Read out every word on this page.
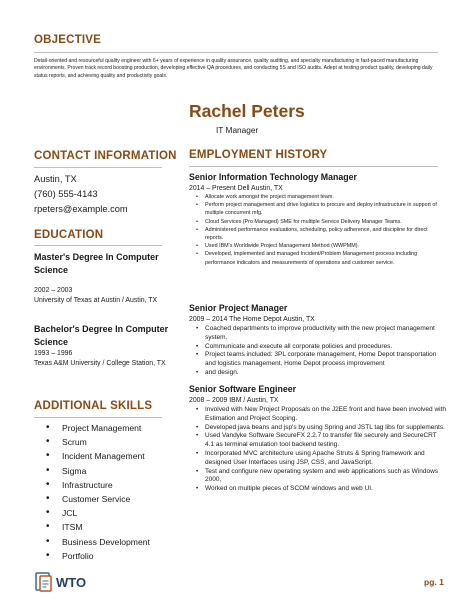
OBJECTIVE
Detail-oriented and resourceful quality engineer with 6+ years of experience in quality assurance, quality auditing, and specialty manufacturing in fast-paced manufacturing environments. Proven track record boosting production, developing effective QA procedures, and conducting 5S and ISO audits. Adept at testing product quality, developing daily status reports, and achieving quality and productivity goals.
Rachel Peters
IT Manager
CONTACT INFORMATION
Austin, TX
(760) 555-4143
rpeters@example.com
EDUCATION
Master's Degree In Computer Science
2002 – 2003
University of Texas at Austin / Austin, TX
Bachelor's Degree In Computer Science
1993 – 1996
Texas A&M University / College Station, TX
ADDITIONAL SKILLS
• Project Management
• Scrum
• Incident Management
• Sigma
• Infrastructure
• Customer Service
• JCL
• ITSM
• Business Development
• Portfolio
EMPLOYMENT HISTORY
Senior Information Technology Manager
2014 – Present Dell Austin, TX
• Allocate work amongst the project management team.
• Perform project management and drive logistics to procure and deploy infrastructure in support of multiple concurrent mfg.
• Cloud Services (Pro Managed) SME for multiple Service Delivery Manager Teams.
• Administered performance evaluations, scheduling, policy adherence, and discipline for direct reports.
• Used IBM's Worldwide Project Management Method (WWPMM).
• Developed, implemented and managed Incident/Problem Management process including performance indicators and measurements of operations and customer service.
Senior Project Manager
2009 – 2014 The Home Depot Austin, TX
• Coached departments to improve productivity with the new project management system.
• Communicate and execute all corporate policies and procedures.
• Project teams included: 3PL corporate management, Home Depot transportation and logistics management, Home Depot process improvement
• and design.
Senior Software Engineer
2008 – 2009 IBM / Austin, TX
• Involved with New Project Proposals on the J2EE front and have been involved with Estimation and Project Scoping.
• Developed java beans and jsp's by using Spring and JSTL tag libs for supplements.
• Used Vandyke Software SecureFX 2.2.7 to transfer file securely and SecureCRT 4.1 as terminal emulation tool backend testing.
• Incorporated MVC architecture using Apache Struts & Spring framework and designed User Interfaces using JSP, CSS, and JavaScript.
• Test and configure new operating system and web applications such as Windows 2000,
• Worked on multiple pieces of SCOM windows and web UI.
WTO	pg. 1
